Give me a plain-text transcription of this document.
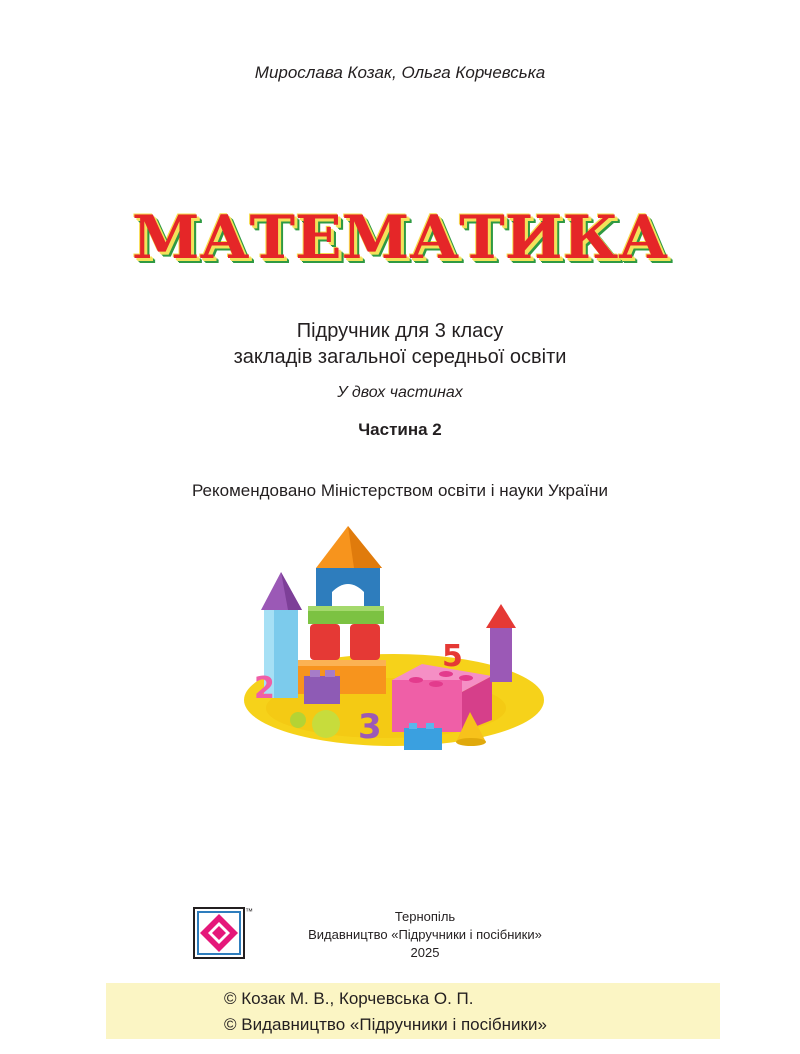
Мирослава Козак, Ольга Корчевська
МАТЕМАТИКА
Підручник для 3 класу
закладів загальної середньої освіти
У двох частинах
Частина 2
Рекомендовано Міністерством освіти і науки України
2
3
5
™	Тернопіль
Видавництво «Підручники і посібники»
2025
© Козак М. В., Корчевська О. П.
© Видавництво «Підручники і посібники»
